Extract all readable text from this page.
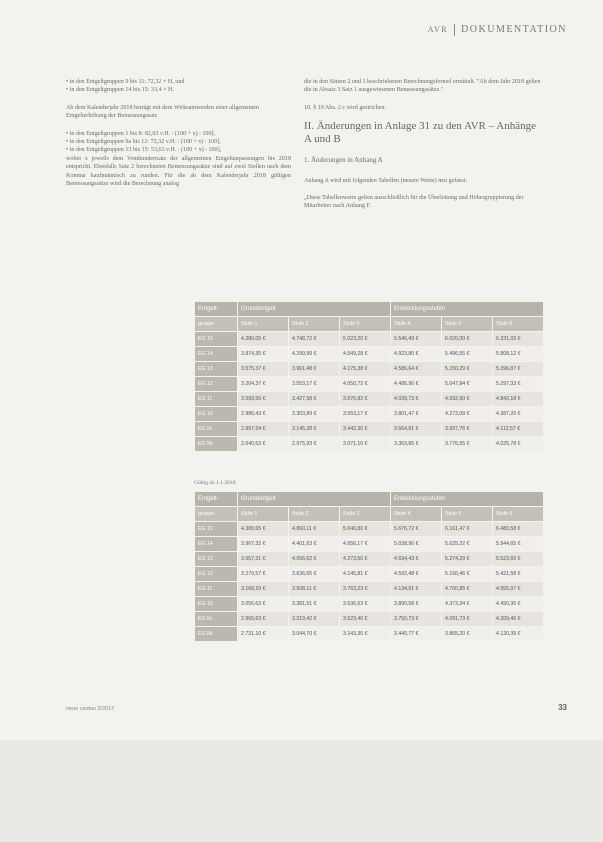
AVR DOKUMENTATION

• in den Entgeltgruppen 9 bis 11: 72,32 × H, und

• in den Entgeltgruppen 14 bis 15: 33,4 × H.

Ab dem Kalenderjahr 2018 beträgt mit dem Wirksamwerden einer allgemeinen Entgelterhöhung der Bemessungssatz

• in den Entgeltgruppen 1 bis 8: 82,03 v.H. : (100 + x) : 100],

• in den Entgeltgruppen 9a bis 12: 72,32 v.H. : (100 + x) : 100],

• in den Entgeltgruppen 13 bis 15: 53,63 v.H. : (100 + x) : 100],

wobei x jeweils dem Vomhundertsatz der allgemeinen Entgeltanpassungen bis 2018 entspricht. Ebenfalls Satz 2 berechneten Bemessungssätze sind auf zwei Stellen nach dem Komma kaufmännisch zu runden. Für die ab dem Kalenderjahr 2018 gültigen Bemessungssätze wird die Berechnung analog

die in den Sätzen 2 und 3 beschriebenen Berechnungsformel ermittelt. "Ab dem Jahr 2018 gelten die in Absatz 3 Satz 1 ausgewiesenen Bemessungssätze."

10. § 19 Abs. 2 c wird gestrichen.

II. Änderungen in Anlage 31 zu den AVR – Anhänge A und B
1. Änderungen in Anhang A

Anhang A wird mit folgenden Tabellen (neuere Werte) neu gefasst:

„Diese Tabellenwerte gelten ausschließlich für die Überleitung und Höhergruppierung der Mitarbeiter nach Anhang F.

Entgelt-	Grundentgelt			Entwicklungsstufen		
gruppe	Stufe 1	Stufe 2	Stufe 3	Stufe 4	Stufe 5	Stufe 6
EG 15	4.280,05 €	4.748,72 €	5.023,20 €	5.546,49 €	6.020,00 €	6.331,03 €
EG 14	3.874,35 €	4.299,99 €	4.549,28 €	4.923,80 €	5.496,55 €	5.808,12 €
EG 13	3.575,37 €	3.961,48 €	4.175,38 €	4.586,64 €	5.150,29 €	5.396,87 €
EG 12	3.204,37 €	3.553,17 €	4.050,72 €	4.486,96 €	5.047,84 €	5.297,33 €
EG 11	3.093,56 €	3.427,58 €	3.676,82 €	4.039,73 €	4.592,90 €	4.842,18 €
EG 10	2.986,43 €	3.303,89 €	3.553,17 €	3.801,47 €	4.273,08 €	4.387,26 €
EG 9c	2.897,54 €	3.145,38 €	3.442,30 €	3.664,81 €	3.997,76 €	4.112,57 €
EG 9b	2.640,53 €	2.975,93 €	3.071,10 €	3.363,85 €	3.776,55 €	4.025,78 €
Gültig ab 1.1.2018:
Entgelt-	Grundentgelt			Entwicklungsstufen		
gruppe	Stufe 1	Stufe 2	Stufe 3	Stufe 4	Stufe 5	Stufe 6
EG 15	4.380,65 €	4.860,11 €	5.040,80 €	5.676,72 €	6.161,47 €	6.480,58 €
EG 14	3.967,32 €	4.401,63 €	4.656,17 €	5.038,96 €	5.625,32 €	5.944,65 €
EG 13	3.657,31 €	4.056,62 €	4.273,50 €	4.694,43 €	5.274,29 €	5.523,65 €
EG 12	3.279,57 €	3.636,65 €	4.145,81 €	4.592,48 €	5.166,46 €	5.421,58 €
EG 11	3.168,10 €	3.508,11 €	3.763,23 €	4.134,91 €	4.700,85 €	4.955,97 €
EG 10	3.056,63 €	3.381,51 €	3.636,63 €	3.890,58 €	4.373,34 €	4.490,35 €
EG 9c	2.965,63 €	3.219,42 €	3.523,40 €	3.750,73 €	4.091,73 €	4.209,46 €
EG 9b	2.731,10 €	3.044,70 €	3.143,35 €	3.440,77 €	3.865,20 €	4.120,39 €
·
neue caritas 2/2017	33
